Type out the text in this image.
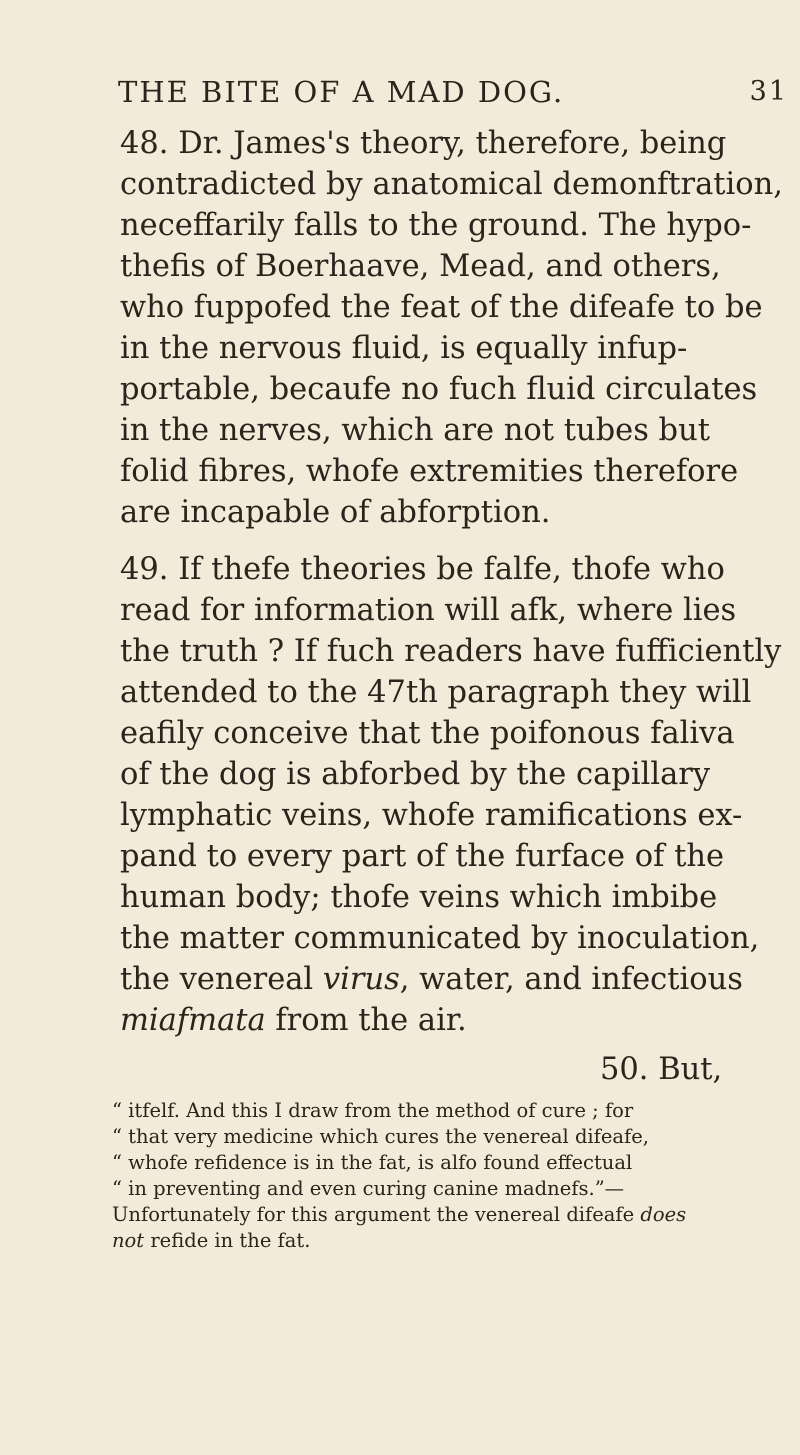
THE BITE OF A MAD DOG.	31
48. Dr. James's theory, therefore, being
contradicted by anatomical demonftration,
neceffarily falls to the ground. The hypo-
thefis of Boerhaave, Mead, and others,
who fuppofed the feat of the difeafe to be
in the nervous fluid, is equally infup-
portable, becaufe no fuch fluid circulates
in the nerves, which are not tubes but
folid fibres, whofe extremities therefore
are incapable of abforption.
49. If thefe theories be falfe, thofe who
read for information will afk, where lies
the truth ? If fuch readers have fufficiently
attended to the 47th paragraph they will
eafily conceive that the poifonous faliva
of the dog is abforbed by the capillary
lymphatic veins, whofe ramifications ex-
pand to every part of the furface of the
human body; thofe veins which imbibe
the matter communicated by inoculation,
the venereal virus, water, and infectious
miafmata from the air.
50. But,
“ itfelf. And this I draw from the method of cure ; for
“ that very medicine which cures the venereal difeafe,
“ whofe refidence is in the fat, is alfo found effectual
“ in preventing and even curing canine madnefs.”—
Unfortunately for this argument the venereal difeafe does
not refide in the fat.
